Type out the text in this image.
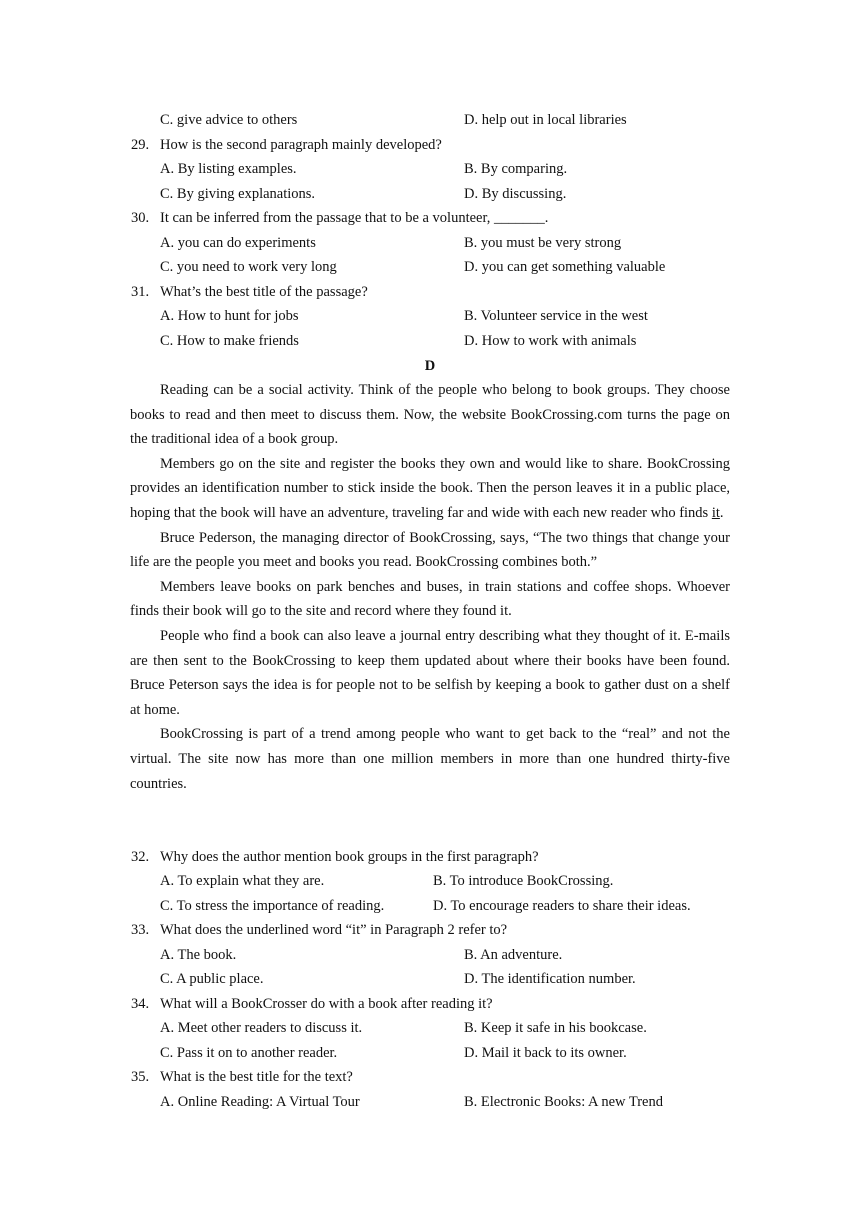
C. give advice to others	D. help out in local libraries
29. How is the second paragraph mainly developed?
A. By listing examples.	B. By comparing.
C. By giving explanations.	D. By discussing.
30. It can be inferred from the passage that to be a volunteer, _______.
A. you can do experiments	B. you must be very strong
C. you need to work very long	D. you can get something valuable
31. What’s the best title of the passage?
A. How to hunt for jobs	B. Volunteer service in the west
C. How to make friends	D. How to work with animals
D

Reading can be a social activity. Think of the people who belong to book groups. They choose books to read and then meet to discuss them. Now, the website BookCrossing.com turns the page on the traditional idea of a book group.

Members go on the site and register the books they own and would like to share. BookCrossing provides an identification number to stick inside the book. Then the person leaves it in a public place, hoping that the book will have an adventure, traveling far and wide with each new reader who finds it.

Bruce Pederson, the managing director of BookCrossing, says, “The two things that change your life are the people you meet and books you read. BookCrossing combines both.”

Members leave books on park benches and buses, in train stations and coffee shops. Whoever finds their book will go to the site and record where they found it.

People who find a book can also leave a journal entry describing what they thought of it. E-mails are then sent to the BookCrossing to keep them updated about where their books have been found. Bruce Peterson says the idea is for people not to be selfish by keeping a book to gather dust on a shelf at home.

BookCrossing is part of a trend among people who want to get back to the “real” and not the virtual. The site now has more than one million members in more than one hundred thirty-five countries.

32. Why does the author mention book groups in the first paragraph?
A. To explain what they are.	B. To introduce BookCrossing.
C. To stress the importance of reading.	D. To encourage readers to share their ideas.
33. What does the underlined word “it” in Paragraph 2 refer to?
A. The book.	B. An adventure.
C. A public place.	D. The identification number.
34. What will a BookCrosser do with a book after reading it?
A. Meet other readers to discuss it.	B. Keep it safe in his bookcase.
C. Pass it on to another reader.	D. Mail it back to its owner.
35. What is the best title for the text?
A. Online Reading: A Virtual Tour	B. Electronic Books: A new Trend
